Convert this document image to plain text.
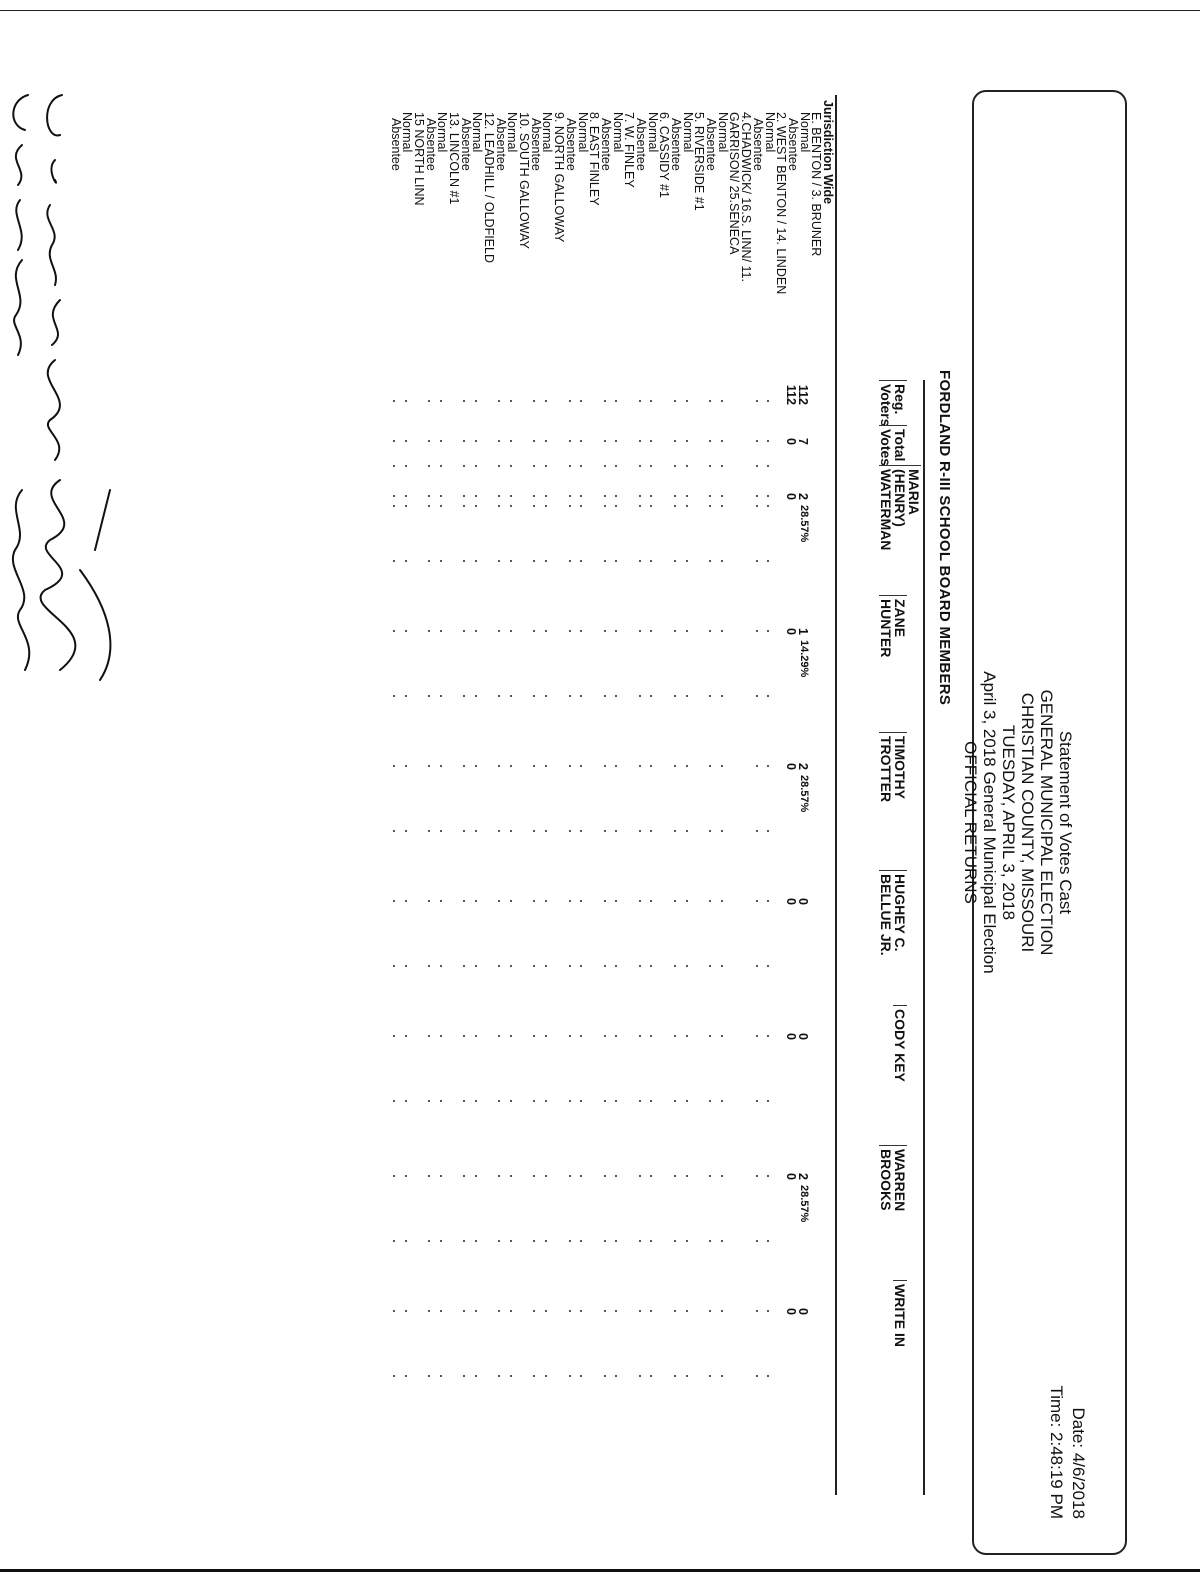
Statement of Votes Cast
GENERAL MUNICIPAL ELECTION
CHRISTIAN COUNTY, MISSOURI
TUESDAY, APRIL 3, 2018
April 3, 2018 General Municipal Election
OFFICIAL RETURNS
Date: 4/6/2018
Time: 2:48:19 PM
FORDLAND R-III SCHOOL BOARD MEMBERS
Reg.
Voters
Total
Votes
MARIA
(HENRY)
WATERMAN
ZANE
HUNTER
TIMOTHY
TROTTER
HUGHEY C.
BELLUE JR.
CODY KEY
WARREN
BROOKS
WRITE IN
Jurisdiction Wide
E. BENTON / 3. BRUNER
Normal
Absentee
2. WEST BENTON / 14. LINDEN
Normal
Absentee
4.CHADWICK/ 16.S. LINN/ 11.
GARRISON/ 25.SENECA
Normal
Absentee
5. RIVERSIDE #1
Normal
Absentee
6. CASSIDY #1
Normal
Absentee
7. W. FINLEY
Normal
Absentee
8. EAST FINLEY
Normal
Absentee
9. NORTH GALLOWAY
Normal
Absentee
10. SOUTH GALLOWAY
Normal
Absentee
12. LEADHILL / OLDFIELD
Normal
Absentee
13. LINCOLN #1
Normal
Absentee
15 NORTH LINN
Normal
Absentee
112
7
112
0
2
0
28.57%
1
0
14.29%
2
0
28.57%
0
0
0
0
2
0
28.57%
0
0
